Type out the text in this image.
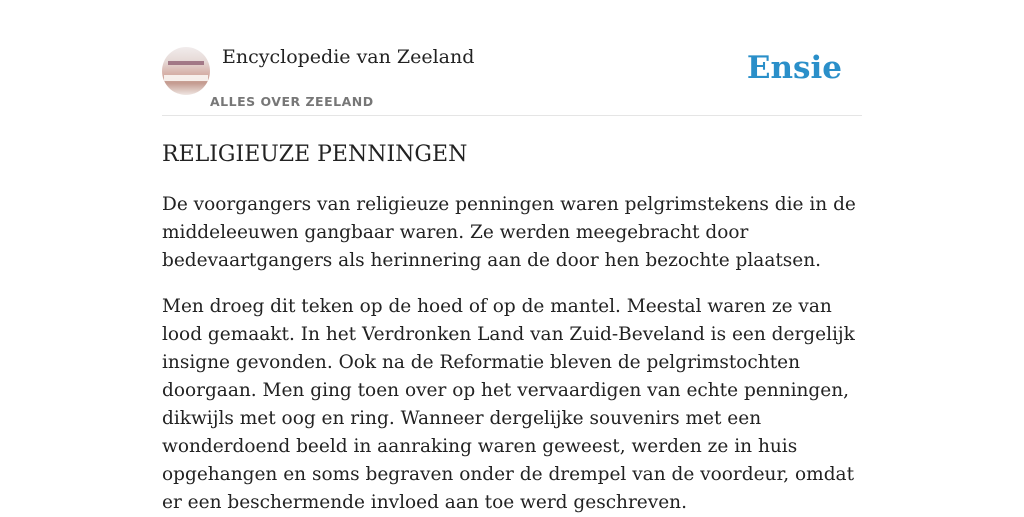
Encyclopedie van Zeeland
ALLES OVER ZEELAND
Ensie
RELIGIEUZE PENNINGEN

De voorgangers van religieuze penningen waren pelgrimstekens die in de middeleeuwen gangbaar waren. Ze werden meegebracht door bedevaartgangers als herinnering aan de door hen bezochte plaatsen.

Men droeg dit teken op de hoed of op de mantel. Meestal waren ze van lood gemaakt. In het Verdronken Land van Zuid-Beveland is een dergelijk insigne gevonden. Ook na de Reformatie bleven de pelgrimstochten doorgaan. Men ging toen over op het vervaardigen van echte penningen, dikwijls met oog en ring. Wanneer dergelijke souvenirs met een wonderdoend beeld in aanraking waren geweest, werden ze in huis opgehangen en soms begraven onder de drempel van de voordeur, omdat er een beschermende invloed aan toe werd geschreven.
